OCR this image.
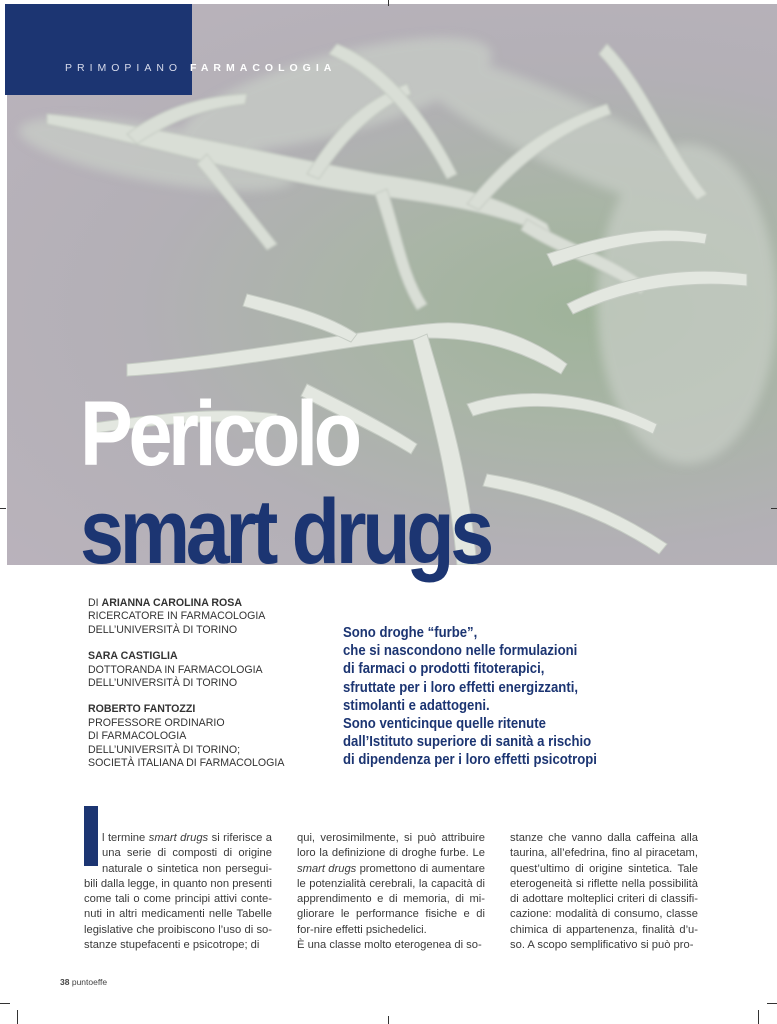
PRIMOPIANO FARMACOLOGIA
Pericolo
smart drugs
DI ARIANNA CAROLINA ROSA
RICERCATORE IN FARMACOLOGIA
DELL’UNIVERSITÀ DI TORINO
SARA CASTIGLIA
DOTTORANDA IN FARMACOLOGIA
DELL’UNIVERSITÀ DI TORINO
ROBERTO FANTOZZI
PROFESSORE ORDINARIO
DI FARMACOLOGIA
DELL’UNIVERSITÀ DI TORINO;
SOCIETÀ ITALIANA DI FARMACOLOGIA
Sono droghe “furbe”,
che si nascondono nelle formulazioni
di farmaci o prodotti fitoterapici,
sfruttate per i loro effetti energizzanti,
stimolanti e adattogeni.
Sono venticinque quelle ritenute
dall’Istituto superiore di sanità a rischio
di dipendenza per i loro effetti psicotropi
l termine smart drugs si riferisce a una serie di composti di origine naturale o sintetica non persegui-bili dalla legge, in quanto non presenti come tali o come principi attivi conte-nuti in altri medicamenti nelle Tabelle legislative che proibiscono l’uso di so-stanze stupefacenti e psicotrope; di
qui, verosimilmente, si può attribuire loro la definizione di droghe furbe. Le smart drugs promettono di aumentare le potenzialità cerebrali, la capacità di apprendimento e di memoria, di mi-gliorare le performance fisiche e di for-nire effetti psichedelici.
È una classe molto eterogenea di so-
stanze che vanno dalla caffeina alla taurina, all’efedrina, fino al piracetam, quest’ultimo di origine sintetica. Tale eterogeneità si riflette nella possibilità di adottare molteplici criteri di classifi-cazione: modalità di consumo, classe chimica di appartenenza, finalità d’u-so. A scopo semplificativo si può pro-
38 puntoeffe
